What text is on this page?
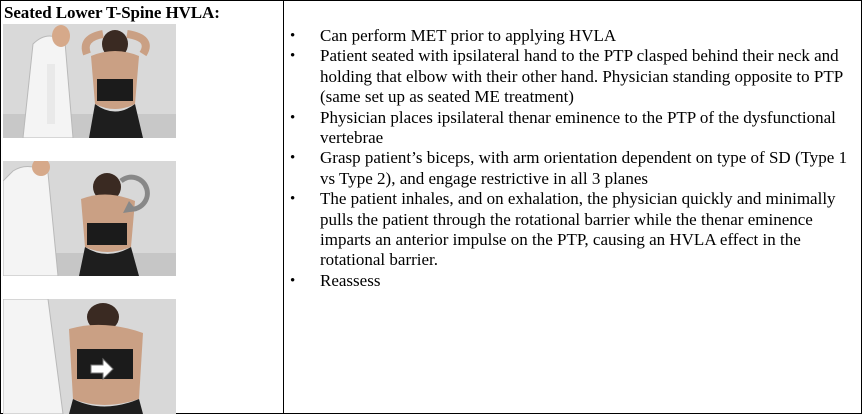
Seated Lower T-Spine HVLA:
• Can perform MET prior to applying HVLA
• Patient seated with ipsilateral hand to the PTP clasped behind their neck and holding that elbow with their other hand. Physician standing opposite to PTP (same set up as seated ME treatment)
• Physician places ipsilateral thenar eminence to the PTP of the dysfunctional vertebrae
• Grasp patient’s biceps, with arm orientation dependent on type of SD (Type 1 vs Type 2), and engage restrictive in all 3 planes
• The patient inhales, and on exhalation, the physician quickly and minimally pulls the patient through the rotational barrier while the thenar eminence imparts an anterior impulse on the PTP, causing an HVLA effect in the rotational barrier.
• Reassess
